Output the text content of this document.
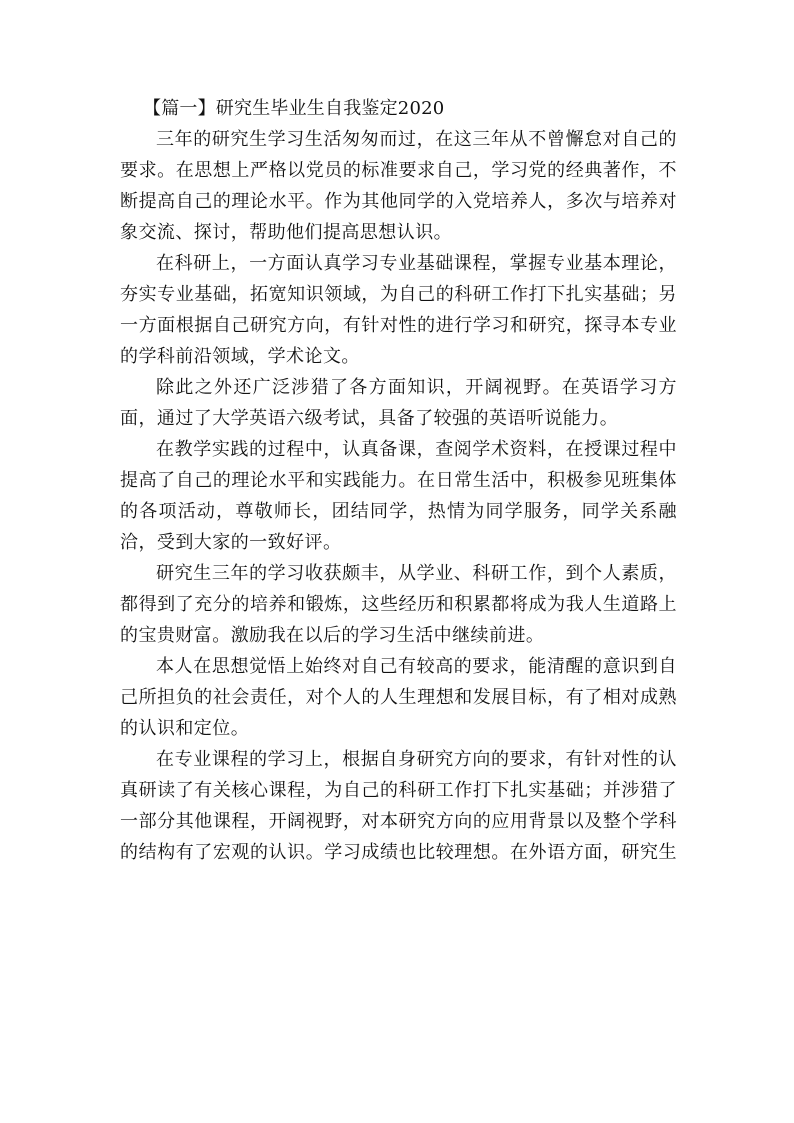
【篇一】研究生毕业生自我鉴定2020

三年的研究生学习生活匆匆而过，在这三年从不曾懈怠对自己的要求。在思想上严格以党员的标准要求自己，学习党的经典著作，不断提高自己的理论水平。作为其他同学的入党培养人，多次与培养对象交流、探讨，帮助他们提高思想认识。

在科研上，一方面认真学习专业基础课程，掌握专业基本理论，夯实专业基础，拓宽知识领域，为自己的科研工作打下扎实基础；另一方面根据自己研究方向，有针对性的进行学习和研究，探寻本专业的学科前沿领域，学术论文。

除此之外还广泛涉猎了各方面知识，开阔视野。在英语学习方面，通过了大学英语六级考试，具备了较强的英语听说能力。

在教学实践的过程中，认真备课，查阅学术资料，在授课过程中提高了自己的理论水平和实践能力。在日常生活中，积极参见班集体的各项活动，尊敬师长，团结同学，热情为同学服务，同学关系融洽，受到大家的一致好评。

研究生三年的学习收获颇丰，从学业、科研工作，到个人素质，都得到了充分的培养和锻炼，这些经历和积累都将成为我人生道路上的宝贵财富。激励我在以后的学习生活中继续前进。

本人在思想觉悟上始终对自己有较高的要求，能清醒的意识到自己所担负的社会责任，对个人的人生理想和发展目标，有了相对成熟的认识和定位。

在专业课程的学习上，根据自身研究方向的要求，有针对性的认真研读了有关核心课程，为自己的科研工作打下扎实基础；并涉猎了一部分其他课程，开阔视野，对本研究方向的应用背景以及整个学科的结构有了宏观的认识。学习成绩也比较理想。在外语方面，研究生
